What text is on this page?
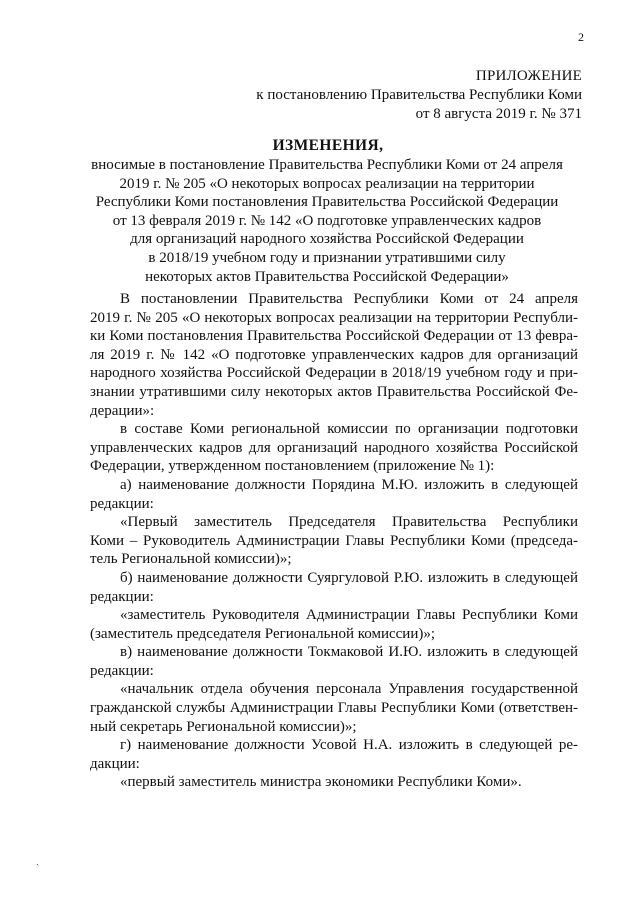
2
ПРИЛОЖЕНИЕ
к постановлению Правительства Республики Коми
от 8 августа 2019 г. № 371
ИЗМЕНЕНИЯ,
вносимые в постановление Правительства Республики Коми от 24 апреля
2019 г. № 205 «О некоторых вопросах реализации на территории
Республики Коми постановления Правительства Российской Федерации
от 13 февраля 2019 г. № 142 «О подготовке управленческих кадров
для организаций народного хозяйства Российской Федерации
в 2018/19 учебном году и признании утратившими силу
некоторых актов Правительства Российской Федерации»
В постановлении Правительства Республики Коми от 24 апреля
2019 г. № 205 «О некоторых вопросах реализации на территории Республи-
ки Коми постановления Правительства Российской Федерации от 13 февра-
ля 2019 г. № 142 «О подготовке управленческих кадров для организаций
народного хозяйства Российской Федерации в 2018/19 учебном году и при-
знании утратившими силу некоторых актов Правительства Российской Фе-
дерации»:
в составе Коми региональной комиссии по организации подготовки
управленческих кадров для организаций народного хозяйства Российской
Федерации, утвержденном постановлением (приложение № 1):
а) наименование должности Порядина М.Ю. изложить в следующей
редакции:
«Первый заместитель Председателя Правительства Республики
Коми – Руководитель Администрации Главы Республики Коми (председа-
тель Региональной комиссии)»;
б) наименование должности Суяргуловой Р.Ю. изложить в следующей
редакции:
«заместитель Руководителя Администрации Главы Республики Коми
(заместитель председателя Региональной комиссии)»;
в) наименование должности Токмаковой И.Ю. изложить в следующей
редакции:
«начальник отдела обучения персонала Управления государственной
гражданской службы Администрации Главы Республики Коми (ответствен-
ный секретарь Региональной комиссии)»;
г) наименование должности Усовой Н.А. изложить в следующей ре-
дакции:
«первый заместитель министра экономики Республики Коми».
ˏ
